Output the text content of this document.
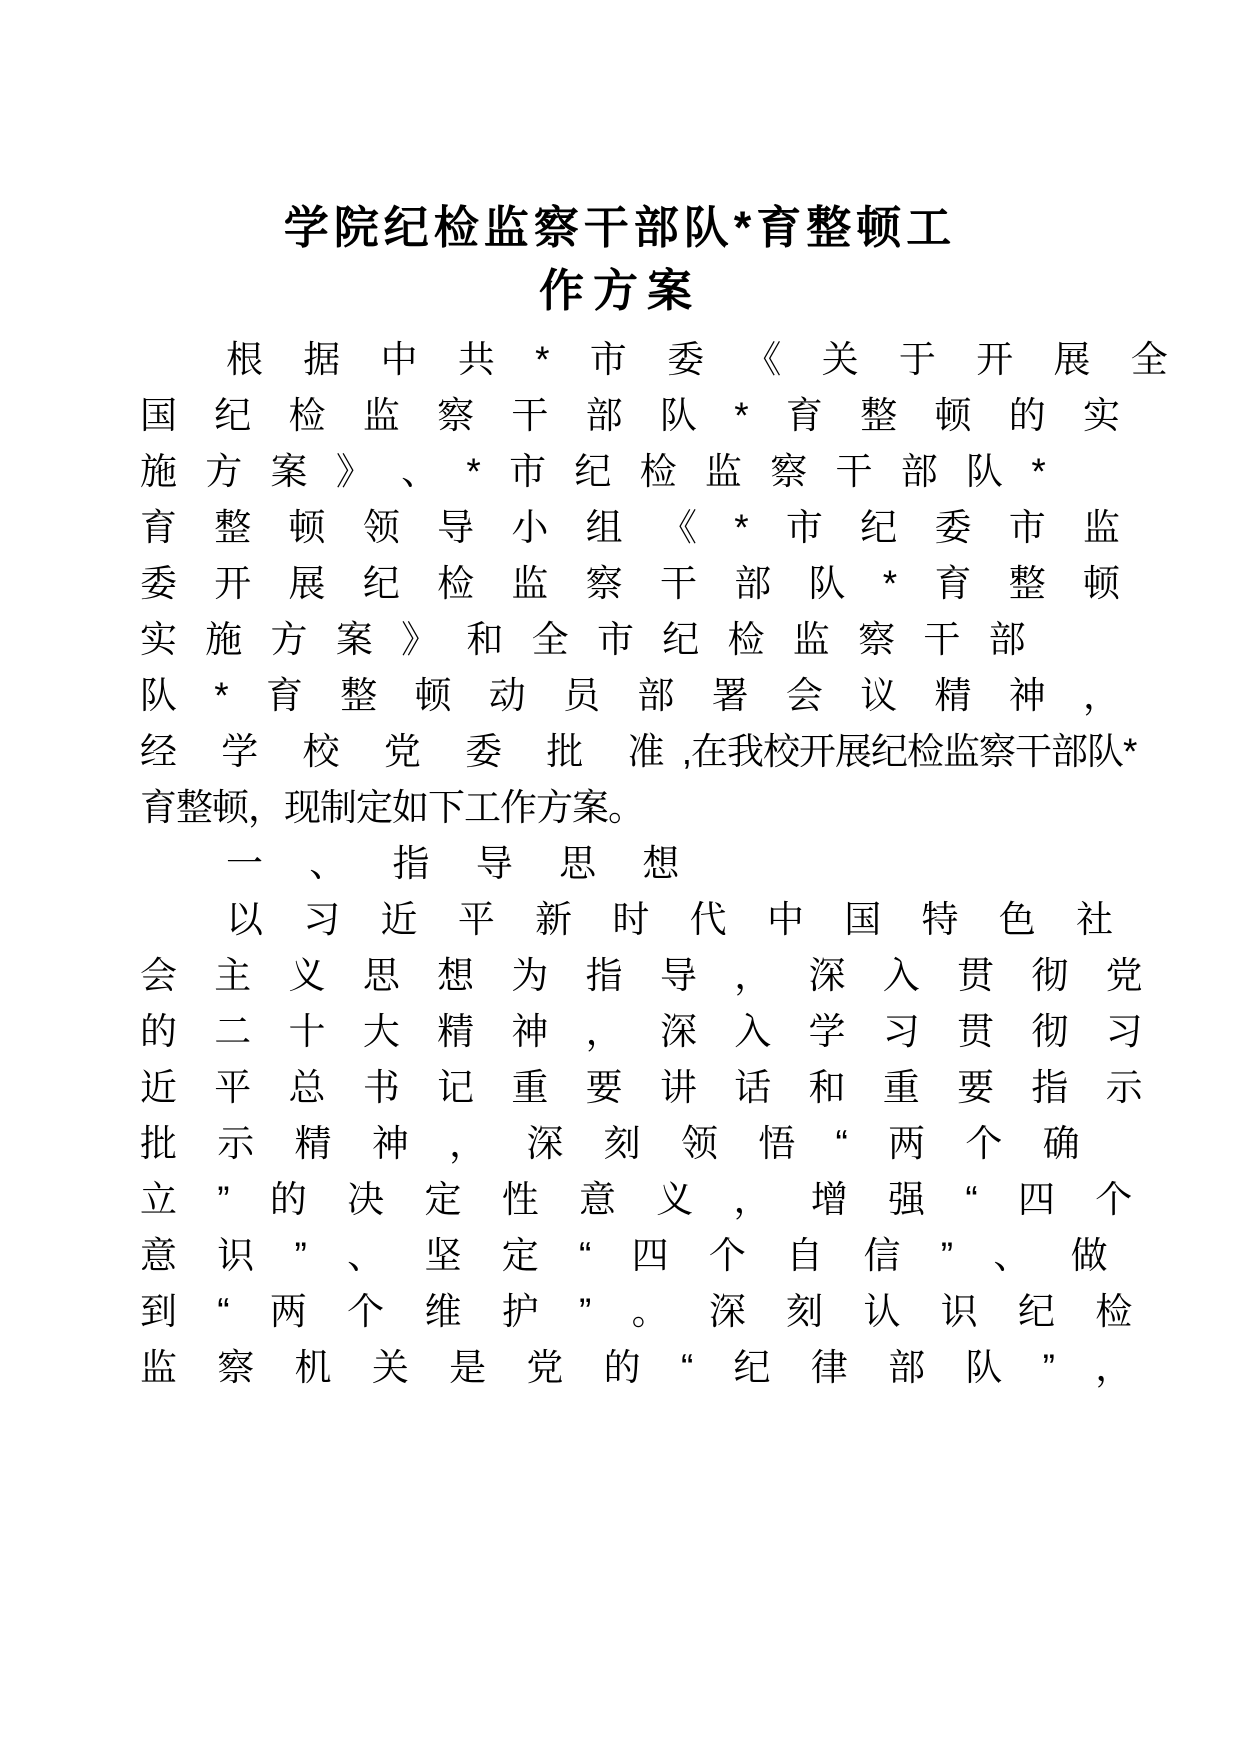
学院纪检监察干部队*育整顿工
作方案

根 据 中 共 * 市 委 《 关 于 开 展 全
国 纪 检 监 察 干 部 队 * 育 整 顿 的 实
施 方 案 》 、 * 市 纪 检 监 察 干 部 队 *
育 整 顿 领 导 小 组 《 * 市 纪 委 市 监
委 开 展 纪 检 监 察 干 部 队 * 育 整 顿
实 施 方 案 》 和 全 市 纪 检 监 察 干 部
队 * 育 整 顿 动 员 部 署 会 议 精 神 ，
经 学 校 党 委 批 准,在我校开展纪检监察干部队*
育整顿，现制定如下工作方案。

一 、 指 导 思 想

以 习 近 平 新 时 代 中 国 特 色 社
会 主 义 思 想 为 指 导 ， 深 入 贯 彻 党
的 二 十 大 精 神 ， 深 入 学 习 贯 彻 习
近 平 总 书 记 重 要 讲 话 和 重 要 指 示
批 示 精 神 ， 深 刻 领 悟 “ 两 个 确
立 ” 的 决 定 性 意 义 ， 增 强 “ 四 个
意 识 ” 、 坚 定 “ 四 个 自 信 ” 、 做
到 “ 两 个 维 护 ” 。 深 刻 认 识 纪 检
监 察 机 关 是 党 的 “ 纪 律 部 队 ” ，
